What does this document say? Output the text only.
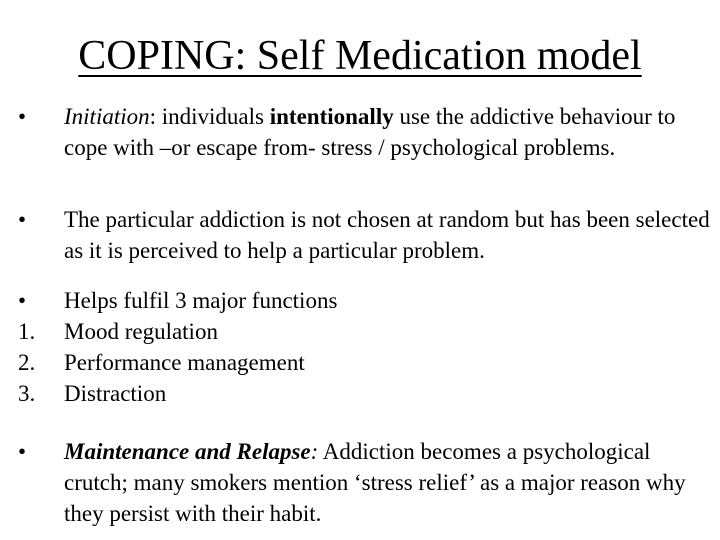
COPING: Self Medication model
•	Initiation: individuals intentionally use the addictive behaviour to cope with –or escape from- stress / psychological problems.
•	The particular addiction is not chosen at random but has been selected as it is perceived to help a particular problem.
•	Helps fulfil 3 major functions
1.	Mood regulation
2.	Performance management
3.	Distraction
•	Maintenance and Relapse: Addiction becomes a psychological crutch; many smokers mention ‘stress relief’ as a major reason why they persist with their habit.
